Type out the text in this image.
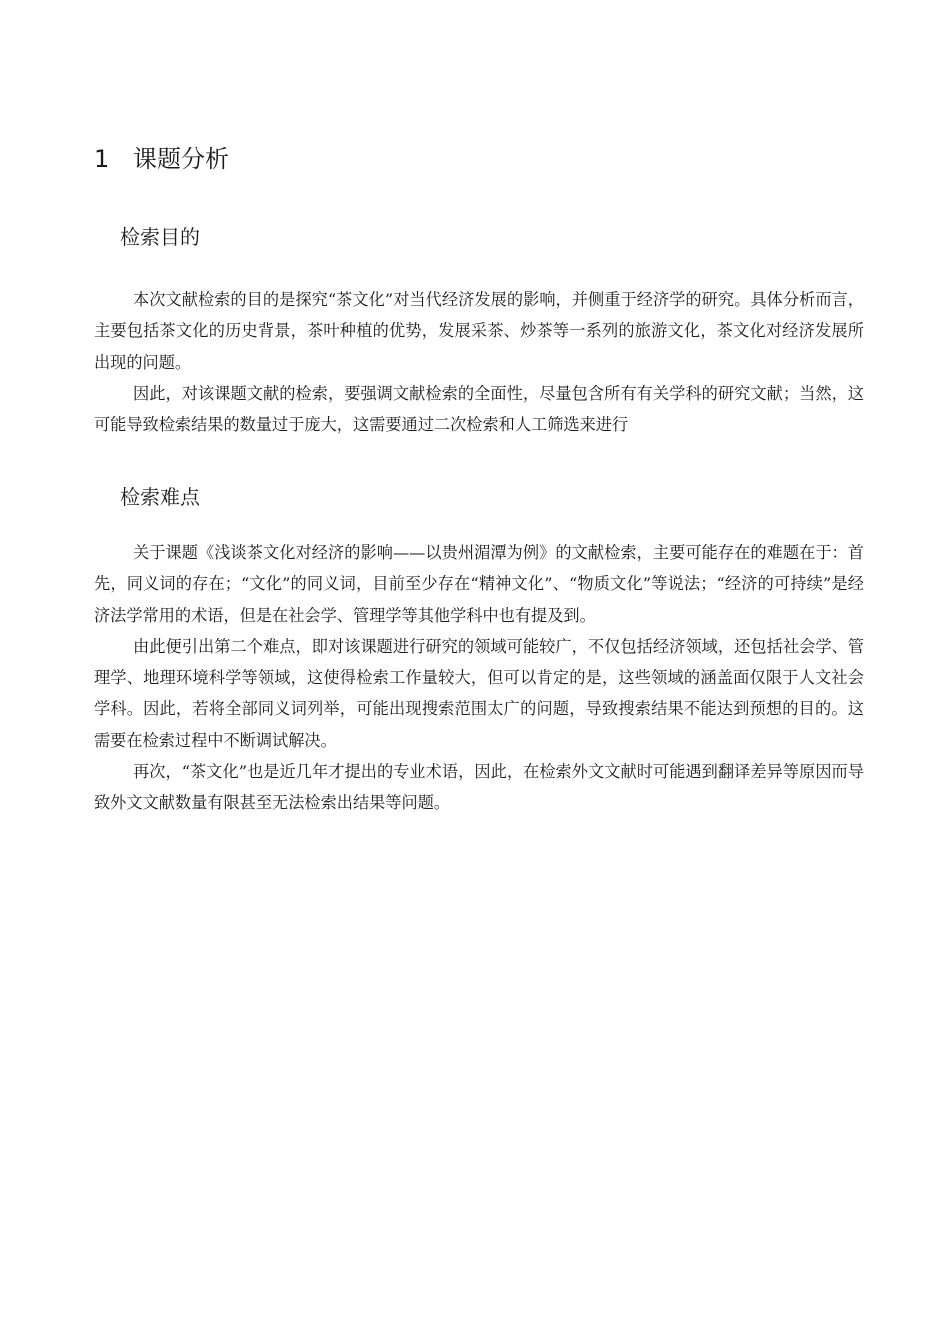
1 课题分析
检索目的

本次文献检索的目的是探究“茶文化”对当代经济发展的影响，并侧重于经济学的研究。具体分析而言，主要包括茶文化的历史背景，茶叶种植的优势，发展采茶、炒茶等一系列的旅游文化，茶文化对经济发展所出现的问题。

因此，对该课题文献的检索，要强调文献检索的全面性，尽量包含所有有关学科的研究文献；当然，这可能导致检索结果的数量过于庞大，这需要通过二次检索和人工筛选来进行

检索难点

关于课题《浅谈茶文化对经济的影响——以贵州湄潭为例》的文献检索，主要可能存在的难题在于：首先，同义词的存在；“文化”的同义词，目前至少存在“精神文化”、“物质文化”等说法；“经济的可持续”是经济法学常用的术语，但是在社会学、管理学等其他学科中也有提及到。

由此便引出第二个难点，即对该课题进行研究的领域可能较广，不仅包括经济领域，还包括社会学、管理学、地理环境科学等领域，这使得检索工作量较大，但可以肯定的是，这些领域的涵盖面仅限于人文社会学科。因此，若将全部同义词列举，可能出现搜索范围太广的问题，导致搜索结果不能达到预想的目的。这需要在检索过程中不断调试解决。

再次，“茶文化”也是近几年才提出的专业术语，因此，在检索外文文献时可能遇到翻译差异等原因而导致外文文献数量有限甚至无法检索出结果等问题。
